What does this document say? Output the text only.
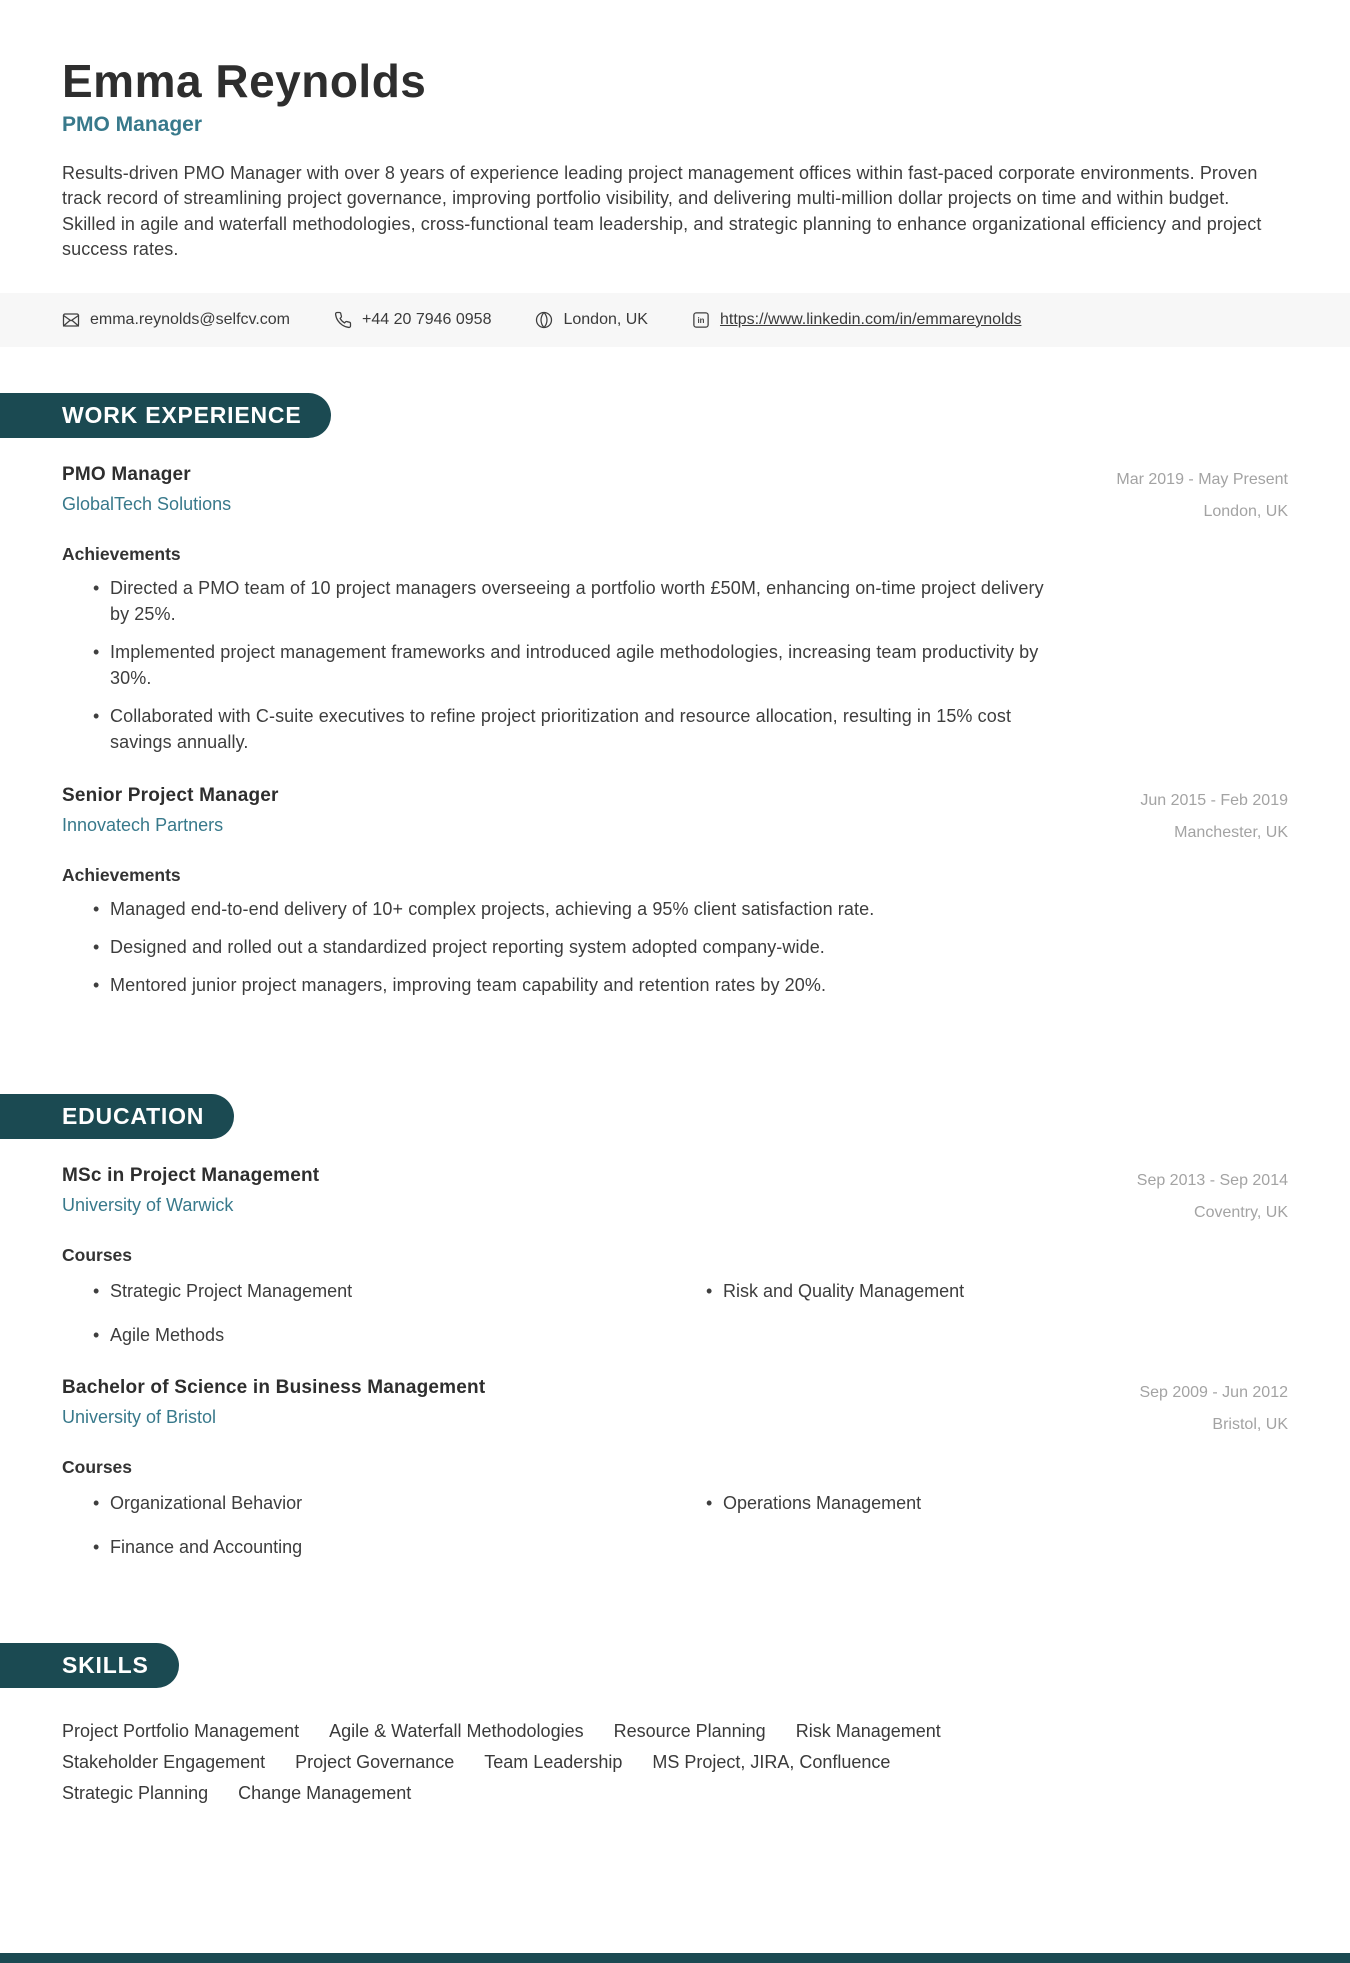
Emma Reynolds
PMO Manager
Results-driven PMO Manager with over 8 years of experience leading project management offices within fast-paced corporate environments. Proven track record of streamlining project governance, improving portfolio visibility, and delivering multi-million dollar projects on time and within budget. Skilled in agile and waterfall methodologies, cross-functional team leadership, and strategic planning to enhance organizational efficiency and project success rates.
emma.reynolds@selfcv.com	+44 20 7946 0958	London, UK	in https://www.linkedin.com/in/emmareynolds
WORK EXPERIENCE
PMO Manager
GlobalTech Solutions
Mar 2019 - May Present
London, UK
Achievements
• Directed a PMO team of 10 project managers overseeing a portfolio worth £50M, enhancing on-time project delivery by 25%.
• Implemented project management frameworks and introduced agile methodologies, increasing team productivity by 30%.
• Collaborated with C-suite executives to refine project prioritization and resource allocation, resulting in 15% cost savings annually.
Senior Project Manager
Innovatech Partners
Jun 2015 - Feb 2019
Manchester, UK
Achievements
• Managed end-to-end delivery of 10+ complex projects, achieving a 95% client satisfaction rate.
• Designed and rolled out a standardized project reporting system adopted company-wide.
• Mentored junior project managers, improving team capability and retention rates by 20%.
EDUCATION
MSc in Project Management
University of Warwick
Sep 2013 - Sep 2014
Coventry, UK
Courses
• Strategic Project Management	• Risk and Quality Management
• Agile Methods
Bachelor of Science in Business Management
University of Bristol
Sep 2009 - Jun 2012
Bristol, UK
Courses
• Organizational Behavior	• Operations Management
• Finance and Accounting
SKILLS
Project Portfolio Management Agile & Waterfall Methodologies Resource Planning Risk Management
Stakeholder Engagement Project Governance Team Leadership MS Project, JIRA, Confluence
Strategic Planning Change Management
